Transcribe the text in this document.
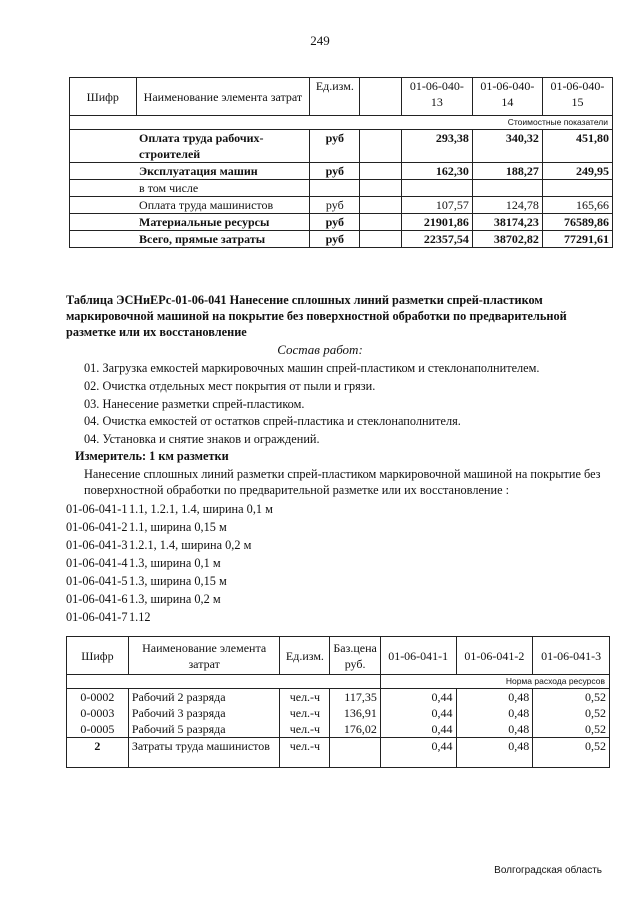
249
Шифр	Наименование элемента затрат	Ед.изм.		01-06-040-13	01-06-040-14	01-06-040-15
Стоимостные показатели						
	Оплата труда рабочих-строителей	руб		293,38	340,32	451,80
	Эксплуатация машин	руб		162,30	188,27	249,95
	в том числе					
	Оплата труда машинистов	руб		107,57	124,78	165,66
	Материальные ресурсы	руб		21901,86	38174,23	76589,86
	Всего, прямые затраты	руб		22357,54	38702,82	77291,61
Таблица ЭСНиЕРс-01-06-041 Нанесение сплошных линий разметки спрей-пластиком маркировочной машиной на покрытие без поверхностной обработки по предварительной разметке или их восстановление
Состав работ:
01. Загрузка емкостей маркировочных машин спрей-пластиком и стеклонаполнителем.
02. Очистка отдельных мест покрытия от пыли и грязи.
03. Нанесение разметки спрей-пластиком.
04. Очистка емкостей от остатков спрей-пластика и стеклонаполнителя.
04. Установка и снятие знаков и ограждений.
Измеритель: 1 км разметки
Нанесение сплошных линий разметки спрей-пластиком маркировочной машиной на покрытие без поверхностной обработки по предварительной разметке или их восстановление :
01-06-041-1 1.1, 1.2.1, 1.4, ширина 0,1 м
01-06-041-2 1.1, ширина 0,15 м
01-06-041-3 1.2.1, 1.4, ширина 0,2 м
01-06-041-4 1.3, ширина 0,1 м
01-06-041-5 1.3, ширина 0,15 м
01-06-041-6 1.3, ширина 0,2 м
01-06-041-7 1.12
Шифр	Наименование элемента затрат	Ед.изм.	Баз.цена руб.	01-06-041-1	01-06-041-2	01-06-041-3
				Норма расхода ресурсов		
0-0002	Рабочий 2 разряда	чел.-ч	117,35	0,44	0,48	0,52
0-0003	Рабочий 3 разряда	чел.-ч	136,91	0,44	0,48	0,52
0-0005	Рабочий 5 разряда	чел.-ч	176,02	0,44	0,48	0,52
2	Затраты труда машинистов	чел.-ч		0,44	0,48	0,52
Волгоградская область
